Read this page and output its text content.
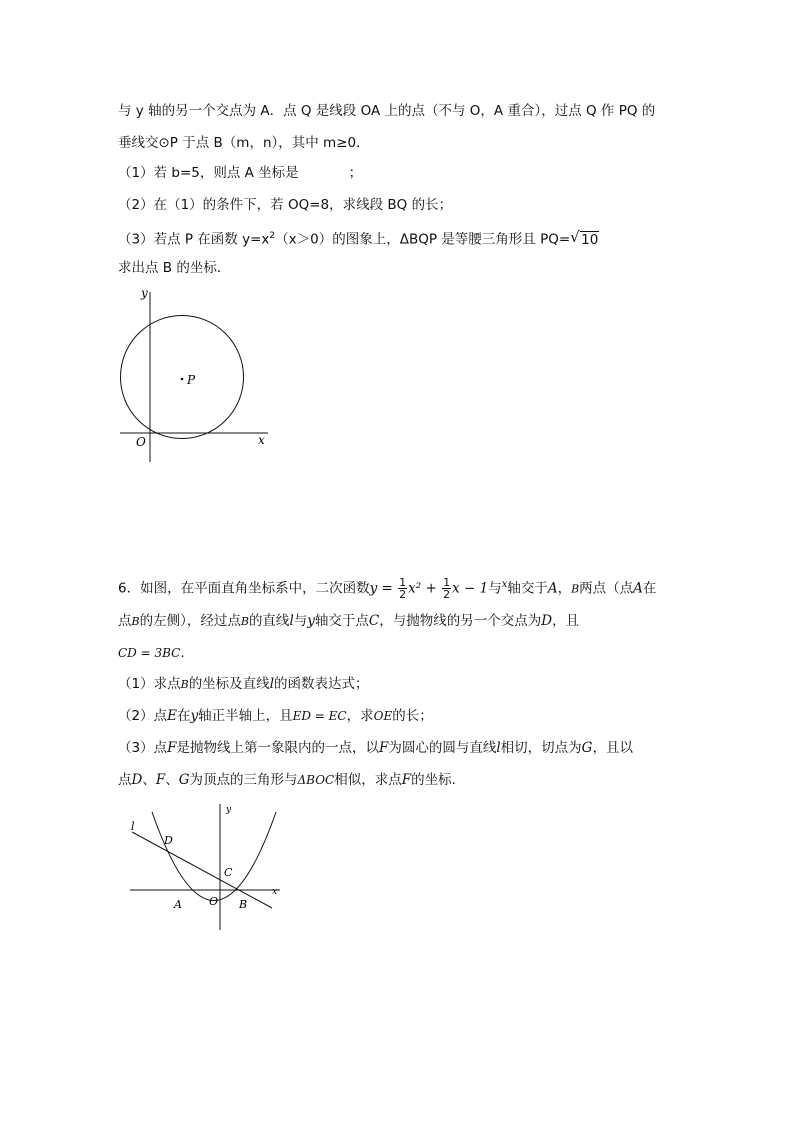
与 y 轴的另一个交点为 A．点 Q 是线段 OA 上的点（不与 O，A 重合），过点 Q 作 PQ 的
垂线交⊙P 于点 B（m，n），其中 m≥0．
（1）若 b=5，则点 A 坐标是	；
（2）在（1）的条件下，若 OQ=8，求线段 BQ 的长；
（3）若点 P 在函数 $y=x^2(x>0)$的图象上，ΔBQP 是等腰三角形且 PQ= √ 10
求出点 B 的坐标．
y
x
O
P
6．如图，在平面直角坐标系中，二次函数$y = \frac{1}{2} x^2 + \frac{1}{2}$ x − 1与$^x$轴交于A，B两点（点A在
点B的左侧），经过点B的直线l与y轴交于点C，与抛物线的另一个交点为D，且
CD = 3BC.
（1）求点B的坐标及直线l的函数表达式；
（2）点E在y轴正半轴上，且ED = EC，求OE的长；
（3）点F是抛物线上第一象限内的一点，以F为圆心的圆与直线l相切，切点为G，且以
点D、F、G为顶点的三角形与ΔBOC相似，求点F的坐标.
l
D
y
C
x
A O B
